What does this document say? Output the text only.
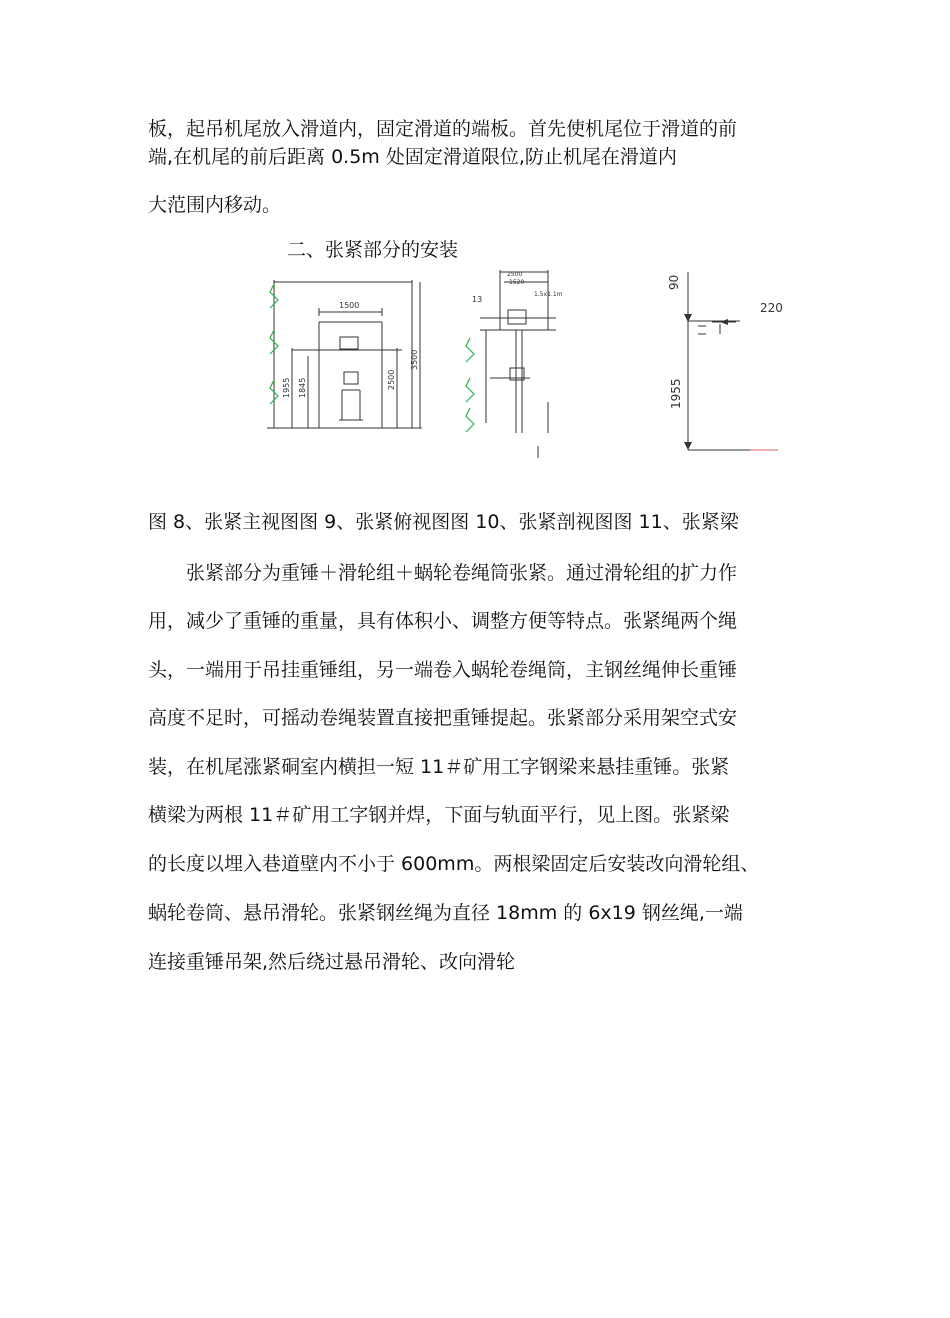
板，起吊机尾放入滑道内，固定滑道的端板。首先使机尾位于滑道的前
端,在机尾的前后距离 0.5m 处固定滑道限位,防止机尾在滑道内
大范围内移动。
二、张紧部分的安装
1500
1955 1845	2500
3500
2500
1520
13
1.5x1.1m
90
220
1955
图 8、张紧主视图图 9、张紧俯视图图 10、张紧剖视图图 11、张紧梁
张紧部分为重锤＋滑轮组＋蜗轮卷绳筒张紧。通过滑轮组的扩力作
用，减少了重锤的重量，具有体积小、调整方便等特点。张紧绳两个绳
头，一端用于吊挂重锤组，另一端卷入蜗轮卷绳筒，主钢丝绳伸长重锤
高度不足时，可摇动卷绳装置直接把重锤提起。张紧部分采用架空式安
装，在机尾涨紧硐室内横担一短 11＃矿用工字钢梁来悬挂重锤。张紧
横梁为两根 11＃矿用工字钢并焊，下面与轨面平行，见上图。张紧梁
的长度以埋入巷道壁内不小于 600mm。两根梁固定后安装改向滑轮组、
蜗轮卷筒、悬吊滑轮。张紧钢丝绳为直径 18mm 的 6x19 钢丝绳,一端
连接重锤吊架,然后绕过悬吊滑轮、改向滑轮
